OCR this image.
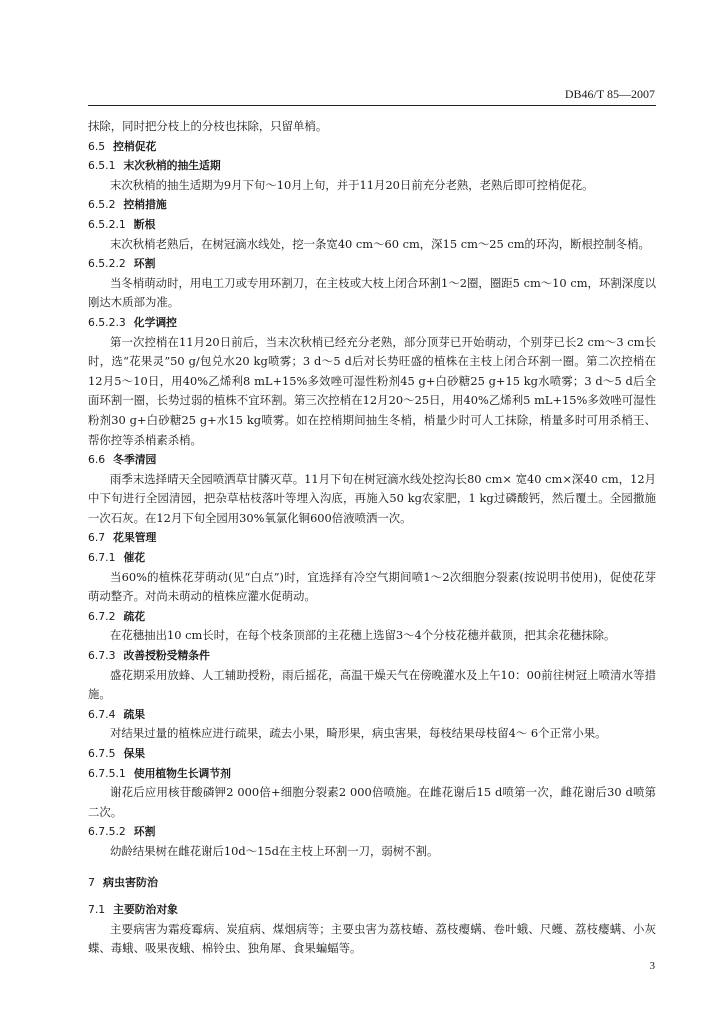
DB46/T 85—2007
抹除，同时把分枝上的分枝也抹除，只留单梢。
6.5 控梢促花
6.5.1 末次秋梢的抽生适期
末次秋梢的抽生适期为9月下旬～10月上旬，并于11月20日前充分老熟，老熟后即可控梢促花。
6.5.2 控梢措施
6.5.2.1 断根
末次秋梢老熟后，在树冠滴水线处，挖一条宽40 cm～60 cm，深15 cm～25 cm的环沟，断根控制冬梢。
6.5.2.2 环割
当冬梢萌动时，用电工刀或专用环割刀，在主枝或大枝上闭合环割1～2圈，圈距5 cm～10 cm，环割深度以刚达木质部为准。
6.5.2.3 化学调控
第一次控梢在11月20日前后，当末次秋梢已经充分老熟，部分顶芽已开始萌动，个别芽已长2 cm～3 cm长时，选“花果灵”50 g/包兑水20 kg喷雾；3 d～5 d后对长势旺盛的植株在主枝上闭合环割一圈。第二次控梢在12月5～10日，用40%乙烯利8 mL+15%多效唑可湿性粉剂45 g+白砂糖25 g+15 kg水喷雾；3 d～5 d后全面环割一圈，长势过弱的植株不宜环割。第三次控梢在12月20～25日，用40%乙烯利5 mL+15%多效唑可湿性粉剂30 g+白砂糖25 g+水15 kg喷雾。如在控梢期间抽生冬梢，梢量少时可人工抹除，梢量多时可用杀梢王、帮你控等杀梢素杀梢。
6.6 冬季清园
雨季末选择晴天全园喷洒草甘膦灭草。11月下旬在树冠滴水线处挖沟长80 cm× 宽40 cm×深40 cm，12月中下旬进行全园清园，把杂草枯枝落叶等埋入沟底，再施入50 kg农家肥，1 kg过磷酸钙，然后覆土。全园撒施一次石灰。在12月下旬全园用30%氧氯化铜600倍液喷洒一次。
6.7 花果管理
6.7.1 催花
当60%的植株花芽萌动(见“白点”)时，宜选择有冷空气期间喷1～2次细胞分裂素(按说明书使用)，促使花芽萌动整齐。对尚未萌动的植株应灌水促萌动。
6.7.2 疏花
在花穗抽出10 cm长时，在每个枝条顶部的主花穗上选留3～4个分枝花穗并截顶，把其余花穗抹除。
6.7.3 改善授粉受精条件
盛花期采用放蜂、人工辅助授粉，雨后摇花，高温干燥天气在傍晚灌水及上午10：00前往树冠上喷清水等措施。
6.7.4 疏果
对结果过量的植株应进行疏果，疏去小果，畸形果，病虫害果，每枝结果母枝留4～ 6个正常小果。
6.7.5 保果
6.7.5.1 使用植物生长调节剂
谢花后应用核苷酸磷钾2 000倍+细胞分裂素2 000倍喷施。在雌花谢后15 d喷第一次，雌花谢后30 d喷第二次。
6.7.5.2 环割
幼龄结果树在雌花谢后10d～15d在主枝上环割一刀，弱树不割。
7 病虫害防治
7.1 主要防治对象
主要病害为霜疫霉病、炭疽病、煤烟病等；主要虫害为荔枝蝽、荔枝瘿螨、卷叶蛾、尺蠖、荔枝瘿螨、小灰蝶、毒蛾、吸果夜蛾、棉铃虫、独角犀、食果蝙蝠等。
3
